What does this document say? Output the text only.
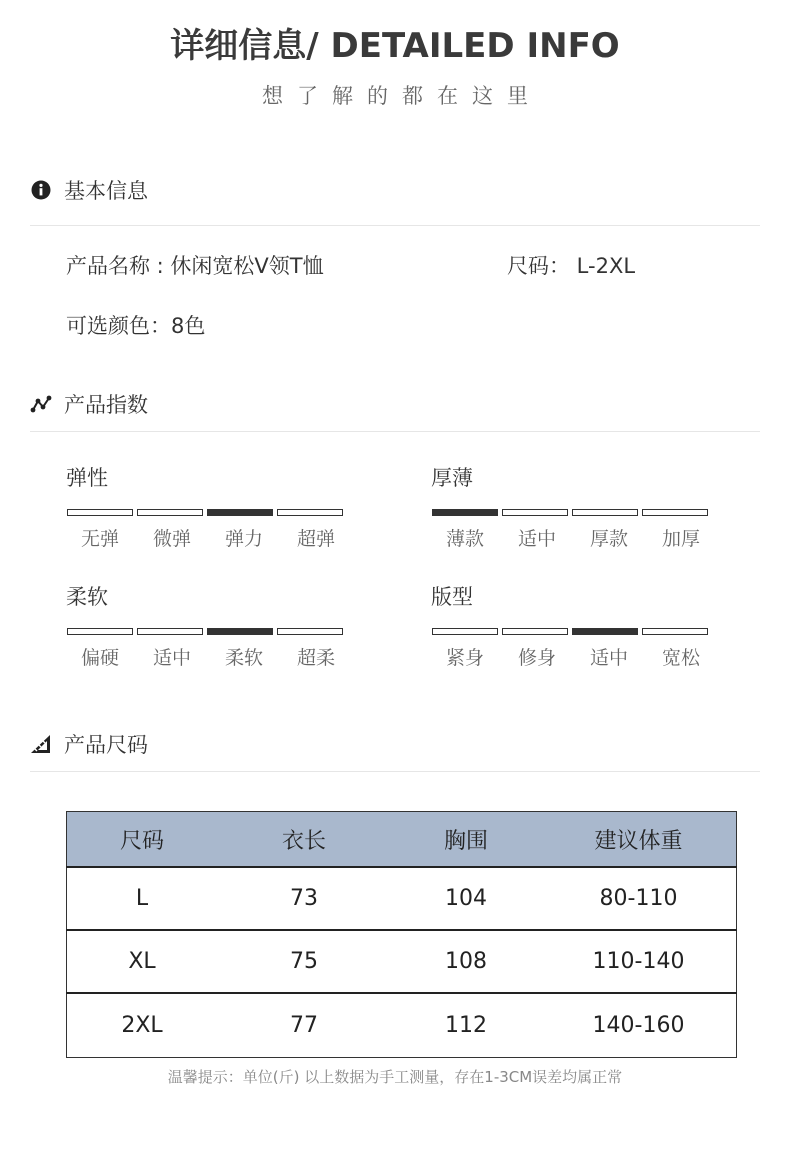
详细信息/ DETAILED INFO
想了解的都在这里
基本信息
产品名称 : 休闲宽松V领T恤	尺码： L-2XL
可选颜色：8色
产品指数
弹性
无弹	微弹	弹力	超弹
厚薄
薄款	适中	厚款	加厚
柔软
偏硬	适中	柔软	超柔
版型
紧身	修身	适中	宽松
产品尺码
尺码	衣长	胸围	建议体重
L	73	104	80-110
XL	75	108	110-140
2XL	77	112	140-160
温馨提示：单位(斤) 以上数据为手工测量，存在1-3CM误差均属正常
